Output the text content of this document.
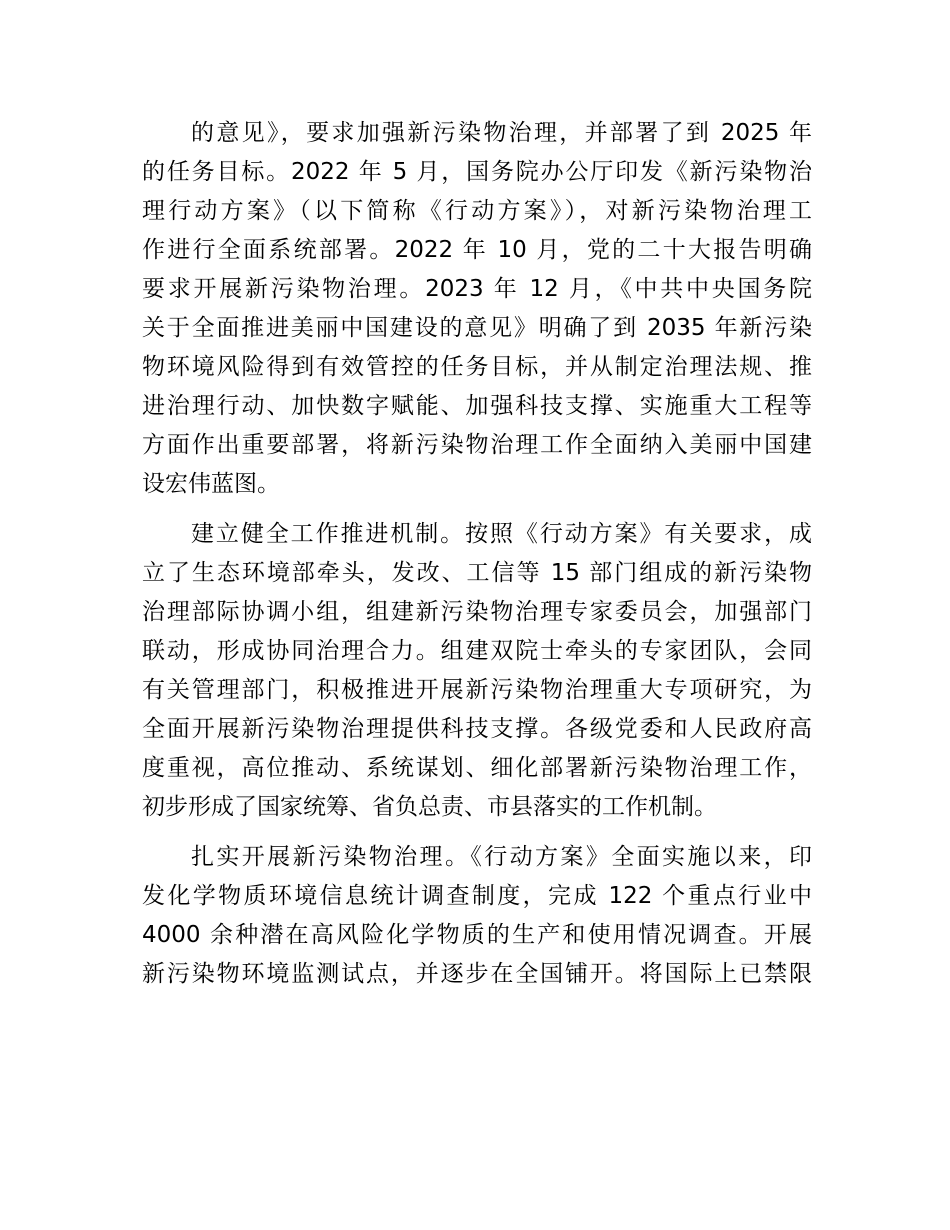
的意见》，要求加强新污染物治理，并部署了到 2025 年
的任务目标。2022 年 5 月，国务院办公厅印发《新污染物治
理行动方案》（以下简称《行动方案》），对新污染物治理工
作进行全面系统部署。2022 年 10 月，党的二十大报告明确
要求开展新污染物治理。2023 年 12 月，《中共中央国务院
关于全面推进美丽中国建设的意见》明确了到 2035 年新污染
物环境风险得到有效管控的任务目标，并从制定治理法规、推
进治理行动、加快数字赋能、加强科技支撑、实施重大工程等
方面作出重要部署，将新污染物治理工作全面纳入美丽中国建
设宏伟蓝图。
建立健全工作推进机制。按照《行动方案》有关要求，成
立了生态环境部牵头，发改、工信等 15 部门组成的新污染物
治理部际协调小组，组建新污染物治理专家委员会，加强部门
联动，形成协同治理合力。组建双院士牵头的专家团队，会同
有关管理部门，积极推进开展新污染物治理重大专项研究，为
全面开展新污染物治理提供科技支撑。各级党委和人民政府高
度重视，高位推动、系统谋划、细化部署新污染物治理工作，
初步形成了国家统筹、省负总责、市县落实的工作机制。
扎实开展新污染物治理。《行动方案》全面实施以来，印
发化学物质环境信息统计调查制度，完成 122 个重点行业中
4000 余种潜在高风险化学物质的生产和使用情况调查。开展
新污染物环境监测试点，并逐步在全国铺开。将国际上已禁限
